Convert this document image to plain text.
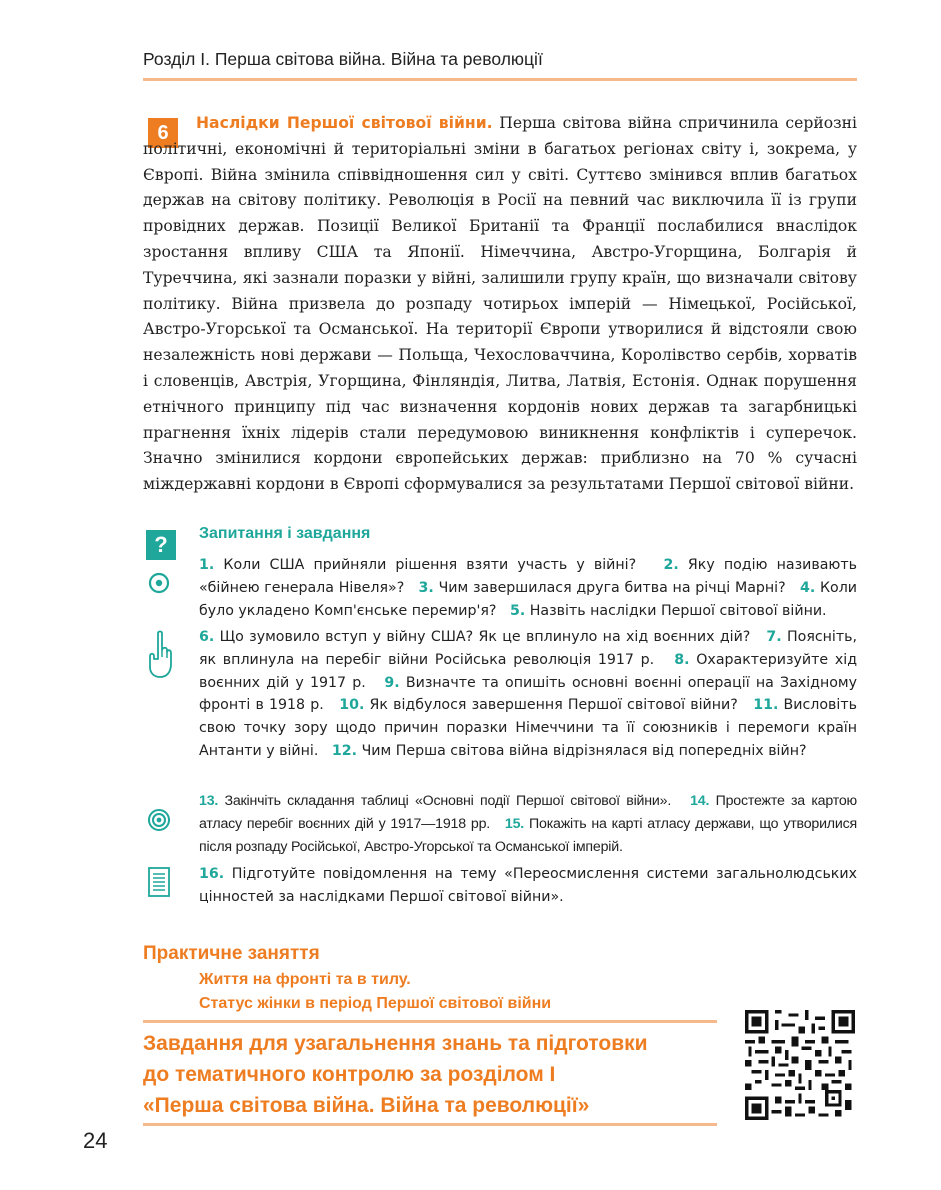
Розділ І. Перша світова війна. Війна та революції
6	Наслідки Першої світової війни. Перша світова війна спричинила серйозні політичні, економічні й територіальні зміни в багатьох регіонах світу і, зокрема, у Європі. Війна змінила співвідношення сил у світі. Суттєво змінився вплив багатьох держав на світову політику. Революція в Росії на певний час виключила її із групи провідних держав. Позиції Великої Британії та Франції послабилися внаслідок зростання впливу США та Японії. Німеччина, Австро-Угорщина, Болгарія й Туреччина, які зазнали поразки у війні, залишили групу країн, що визначали світову політику. Війна призвела до розпаду чотирьох імперій — Німецької, Російської, Австро-Угорської та Османської. На території Європи утворилися й відстояли свою незалежність нові держави — Польща, Чехословаччина, Королівство сербів, хорватів і словенців, Австрія, Угорщина, Фінляндія, Литва, Латвія, Естонія. Однак порушення етнічного принципу під час визначення кордонів нових держав та загарбницькі прагнення їхніх лідерів стали передумовою виникнення конфліктів і суперечок. Значно змінилися кордони європейських держав: приблизно на 70 % сучасні міждержавні кордони в Європі сформувалися за результатами Першої світової війни.
?	Запитання і завдання
1. Коли США прийняли рішення взяти участь у війні? 2. Яку подію називають «бійнею генерала Нівеля»? 3. Чим завершилася друга битва на річці Марні? 4. Коли було укладено Комп'єнське перемир'я? 5. Назвіть наслідки Першої світової війни.
6. Що зумовило вступ у війну США? Як це вплинуло на хід воєнних дій? 7. Поясніть, як вплинула на перебіг війни Російська революція 1917 р. 8. Охарактеризуйте хід воєнних дій у 1917 р. 9. Визначте та опишіть основні воєнні операції на Західному фронті в 1918 р. 10. Як відбулося завершення Першої світової війни? 11. Висловіть свою точку зору щодо причин поразки Німеччини та її союзників і перемоги країн Антанти у війні. 12. Чим Перша світова війна відрізнялася від попередніх війн?
13. Закінчіть складання таблиці «Основні події Першої світової війни». 14. Простежте за картою атласу перебіг воєнних дій у 1917—1918 рр. 15. Покажіть на карті атласу держави, що утворилися після розпаду Російської, Австро-Угорської та Османської імперій.
16. Підготуйте повідомлення на тему «Переосмислення системи загальнолюдських цінностей за наслідками Першої світової війни».
Практичне заняття
Життя на фронті та в тилу.
Статус жінки в період Першої світової війни
Завдання для узагальнення знань та підготовки
до тематичного контролю за розділом І
«Перша світова війна. Війна та революції»
24
